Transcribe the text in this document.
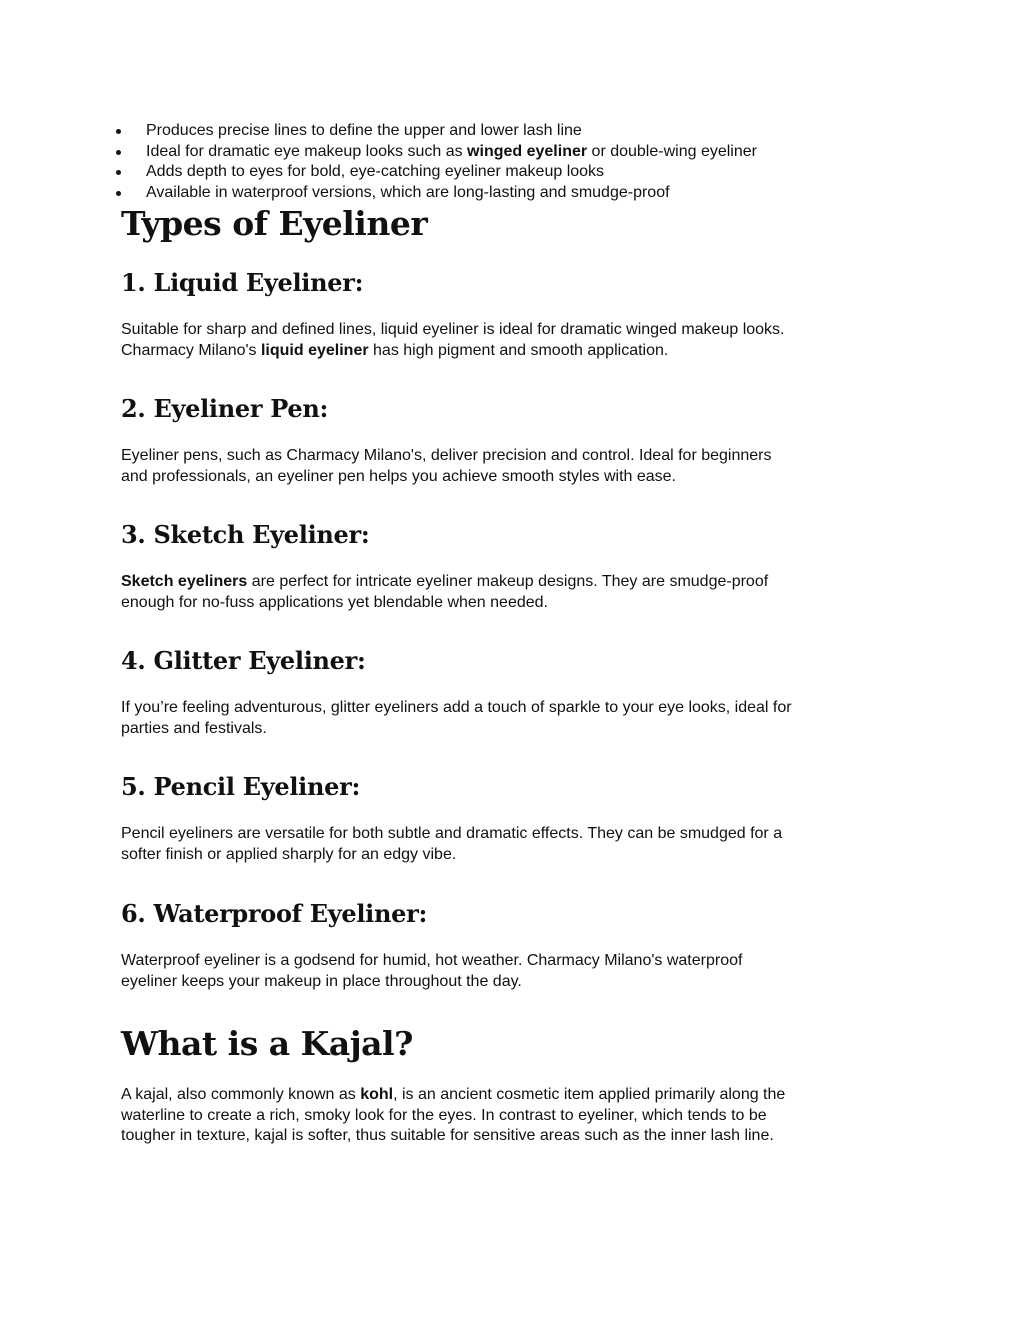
Produces precise lines to define the upper and lower lash line
Ideal for dramatic eye makeup looks such as winged eyeliner or double-wing eyeliner
Adds depth to eyes for bold, eye-catching eyeliner makeup looks
Available in waterproof versions, which are long-lasting and smudge-proof
Types of Eyeliner
1. Liquid Eyeliner:

Suitable for sharp and defined lines, liquid eyeliner is ideal for dramatic winged makeup looks.
Charmacy Milano's liquid eyeliner has high pigment and smooth application.

2. Eyeliner Pen:

Eyeliner pens, such as Charmacy Milano's, deliver precision and control. Ideal for beginners
and professionals, an eyeliner pen helps you achieve smooth styles with ease.

3. Sketch Eyeliner:

Sketch eyeliners are perfect for intricate eyeliner makeup designs. They are smudge-proof
enough for no-fuss applications yet blendable when needed.

4. Glitter Eyeliner:

If you’re feeling adventurous, glitter eyeliners add a touch of sparkle to your eye looks, ideal for
parties and festivals.

5. Pencil Eyeliner:

Pencil eyeliners are versatile for both subtle and dramatic effects. They can be smudged for a
softer finish or applied sharply for an edgy vibe.

6. Waterproof Eyeliner:

Waterproof eyeliner is a godsend for humid, hot weather. Charmacy Milano's waterproof
eyeliner keeps your makeup in place throughout the day.

What is a Kajal?

A kajal, also commonly known as kohl, is an ancient cosmetic item applied primarily along the
waterline to create a rich, smoky look for the eyes. In contrast to eyeliner, which tends to be
tougher in texture, kajal is softer, thus suitable for sensitive areas such as the inner lash line.
